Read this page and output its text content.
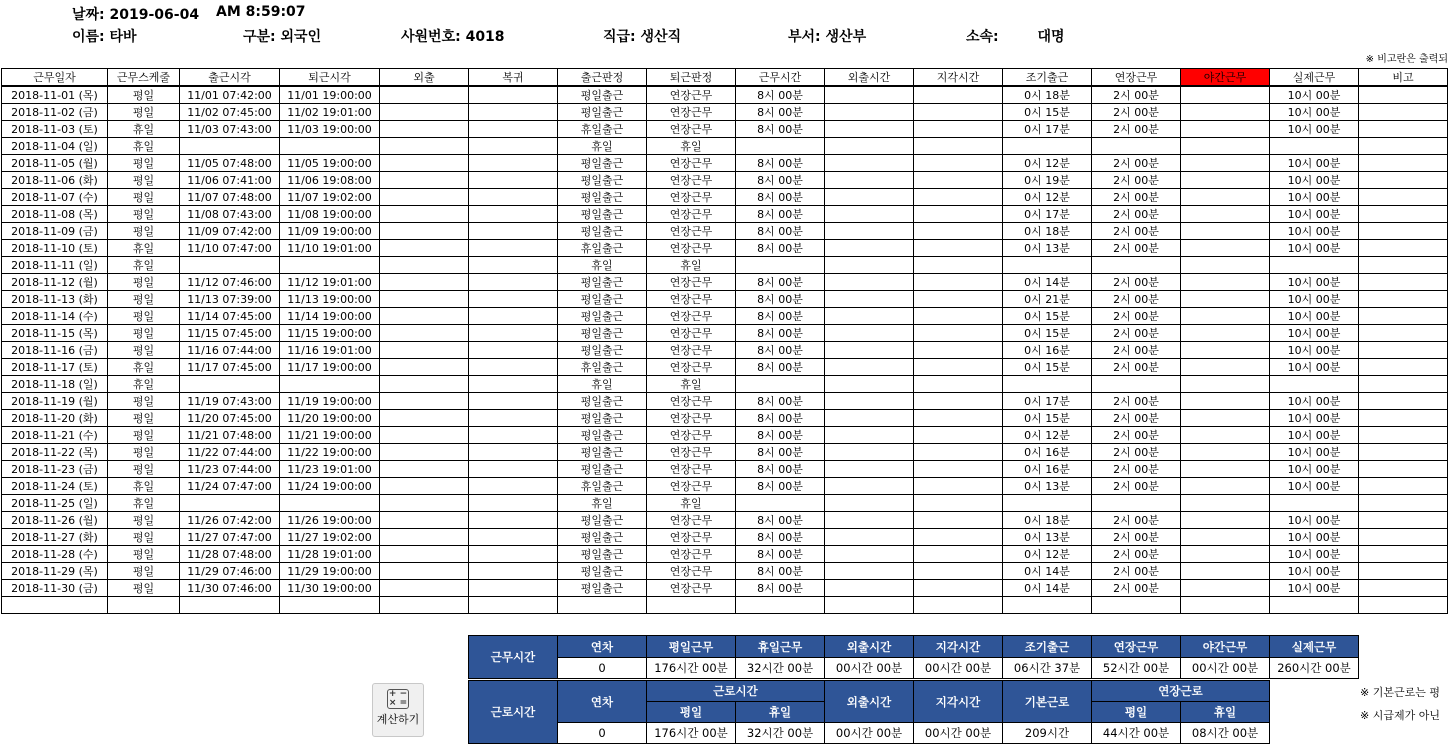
날짜: 2019-06-04 AM 8:59:07
이름: 타바	구분: 외국인	사원번호: 4018	직급: 생산직	부서: 생산부	소속:	대명
※ 비고란은 출력되
근무일자	근무스케줄	출근시각	퇴근시각	외출	복귀	출근판정	퇴근판정	근무시간	외출시간	지각시간	조기출근	연장근무	야간근무	실제근무	비고
2018-11-01 (목)	평일	11/01 07:42:00	11/01 19:00:00			평일출근	연장근무	8시 00분			0시 18분	2시 00분		10시 00분	
2018-11-02 (금)	평일	11/02 07:45:00	11/02 19:01:00			평일출근	연장근무	8시 00분			0시 15분	2시 00분		10시 00분	
2018-11-03 (토)	휴일	11/03 07:43:00	11/03 19:00:00			휴일출근	연장근무	8시 00분			0시 17분	2시 00분		10시 00분	
2018-11-04 (일)	휴일					휴일	휴일								
2018-11-05 (월)	평일	11/05 07:48:00	11/05 19:00:00			평일출근	연장근무	8시 00분			0시 12분	2시 00분		10시 00분	
2018-11-06 (화)	평일	11/06 07:41:00	11/06 19:08:00			평일출근	연장근무	8시 00분			0시 19분	2시 00분		10시 00분	
2018-11-07 (수)	평일	11/07 07:48:00	11/07 19:02:00			평일출근	연장근무	8시 00분			0시 12분	2시 00분		10시 00분	
2018-11-08 (목)	평일	11/08 07:43:00	11/08 19:00:00			평일출근	연장근무	8시 00분			0시 17분	2시 00분		10시 00분	
2018-11-09 (금)	평일	11/09 07:42:00	11/09 19:00:00			평일출근	연장근무	8시 00분			0시 18분	2시 00분		10시 00분	
2018-11-10 (토)	휴일	11/10 07:47:00	11/10 19:01:00			휴일출근	연장근무	8시 00분			0시 13분	2시 00분		10시 00분	
2018-11-11 (일)	휴일					휴일	휴일								
2018-11-12 (월)	평일	11/12 07:46:00	11/12 19:01:00			평일출근	연장근무	8시 00분			0시 14분	2시 00분		10시 00분	
2018-11-13 (화)	평일	11/13 07:39:00	11/13 19:00:00			평일출근	연장근무	8시 00분			0시 21분	2시 00분		10시 00분	
2018-11-14 (수)	평일	11/14 07:45:00	11/14 19:00:00			평일출근	연장근무	8시 00분			0시 15분	2시 00분		10시 00분	
2018-11-15 (목)	평일	11/15 07:45:00	11/15 19:00:00			평일출근	연장근무	8시 00분			0시 15분	2시 00분		10시 00분	
2018-11-16 (금)	평일	11/16 07:44:00	11/16 19:01:00			평일출근	연장근무	8시 00분			0시 16분	2시 00분		10시 00분	
2018-11-17 (토)	휴일	11/17 07:45:00	11/17 19:00:00			휴일출근	연장근무	8시 00분			0시 15분	2시 00분		10시 00분	
2018-11-18 (일)	휴일					휴일	휴일								
2018-11-19 (월)	평일	11/19 07:43:00	11/19 19:00:00			평일출근	연장근무	8시 00분			0시 17분	2시 00분		10시 00분	
2018-11-20 (화)	평일	11/20 07:45:00	11/20 19:00:00			평일출근	연장근무	8시 00분			0시 15분	2시 00분		10시 00분	
2018-11-21 (수)	평일	11/21 07:48:00	11/21 19:00:00			평일출근	연장근무	8시 00분			0시 12분	2시 00분		10시 00분	
2018-11-22 (목)	평일	11/22 07:44:00	11/22 19:00:00			평일출근	연장근무	8시 00분			0시 16분	2시 00분		10시 00분	
2018-11-23 (금)	평일	11/23 07:44:00	11/23 19:01:00			평일출근	연장근무	8시 00분			0시 16분	2시 00분		10시 00분	
2018-11-24 (토)	휴일	11/24 07:47:00	11/24 19:00:00			휴일출근	연장근무	8시 00분			0시 13분	2시 00분		10시 00분	
2018-11-25 (일)	휴일					휴일	휴일								
2018-11-26 (월)	평일	11/26 07:42:00	11/26 19:00:00			평일출근	연장근무	8시 00분			0시 18분	2시 00분		10시 00분	
2018-11-27 (화)	평일	11/27 07:47:00	11/27 19:02:00			평일출근	연장근무	8시 00분			0시 13분	2시 00분		10시 00분	
2018-11-28 (수)	평일	11/28 07:48:00	11/28 19:01:00			평일출근	연장근무	8시 00분			0시 12분	2시 00분		10시 00분	
2018-11-29 (목)	평일	11/29 07:46:00	11/29 19:00:00			평일출근	연장근무	8시 00분			0시 14분	2시 00분		10시 00분	
2018-11-30 (금)	평일	11/30 07:46:00	11/30 19:00:00			평일출근	연장근무	8시 00분			0시 14분	2시 00분		10시 00분	

근무시간	연차	평일근무	휴일근무	외출시간	지각시간	조기출근	연장근무	야간근무	실제근무
	0	176시간 00분	32시간 00분	00시간 00분	00시간 00분	06시간 37분	52시간 00분	00시간 00분	260시간 00분
근로시간	연차	근로시간		외출시간	지각시간	기본근로	연장근로	
		평일	휴일				평일	휴일
	0	176시간 00분	32시간 00분	00시간 00분	00시간 00분	209시간	44시간 00분	08시간 00분
+ −
× =
계산하기
※ 기본근로는 평
※ 시급제가 아닌
